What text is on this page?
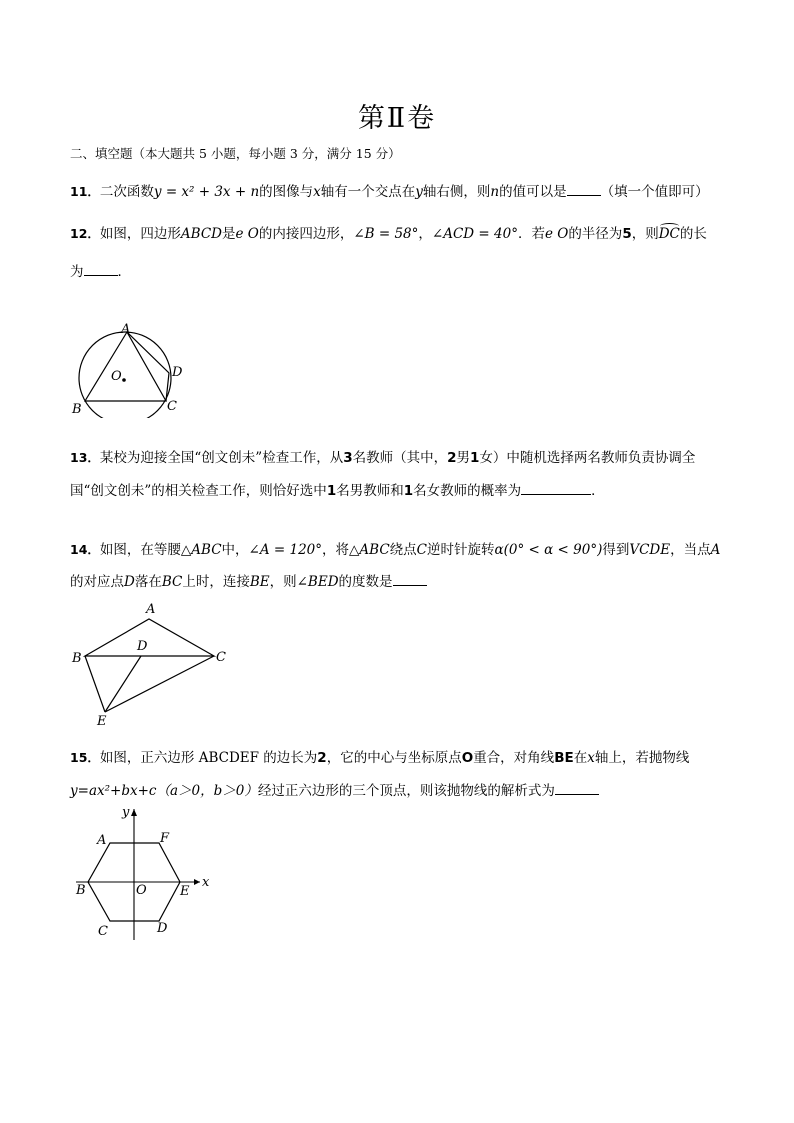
第Ⅱ卷
二、填空题（本大题共 5 小题，每小题 3 分，满分 15 分）
11．二次函数y = x² + 3x + n的图像与x轴有一个交点在y轴右侧，则n的值可以是	（填一个值即可）
12．如图，四边形ABCD是e O的内接四边形，∠B = 58°，∠ACD = 40°．若e O的半径为5，则DC
的长
为	．
A
B	C
D
O
13．某校为迎接全国“创文创未”检查工作，从3名教师（其中，2男1女）中随机选择两名教师负责协调全
国“创文创未”的相关检查工作，则恰好选中1名男教师和1名女教师的概率为	．
14．如图，在等腰△ABC中，∠A = 120°，将△ABC绕点C逆时针旋转α(0° < α < 90°)得到VCDE，当点A
的对应点D落在BC上时，连接BE，则∠BED的度数是
A
B	C
D
E
15．如图，正六边形 ABCDEF 的边长为2，它的中心与坐标原点O重合，对角线BE在x轴上，若抛物线
y=ax²+bx+c（a＞0，b＞0）经过正六边形的三个顶点，则该抛物线的解析式为
A
B
C	D
E
F
O
x
y
